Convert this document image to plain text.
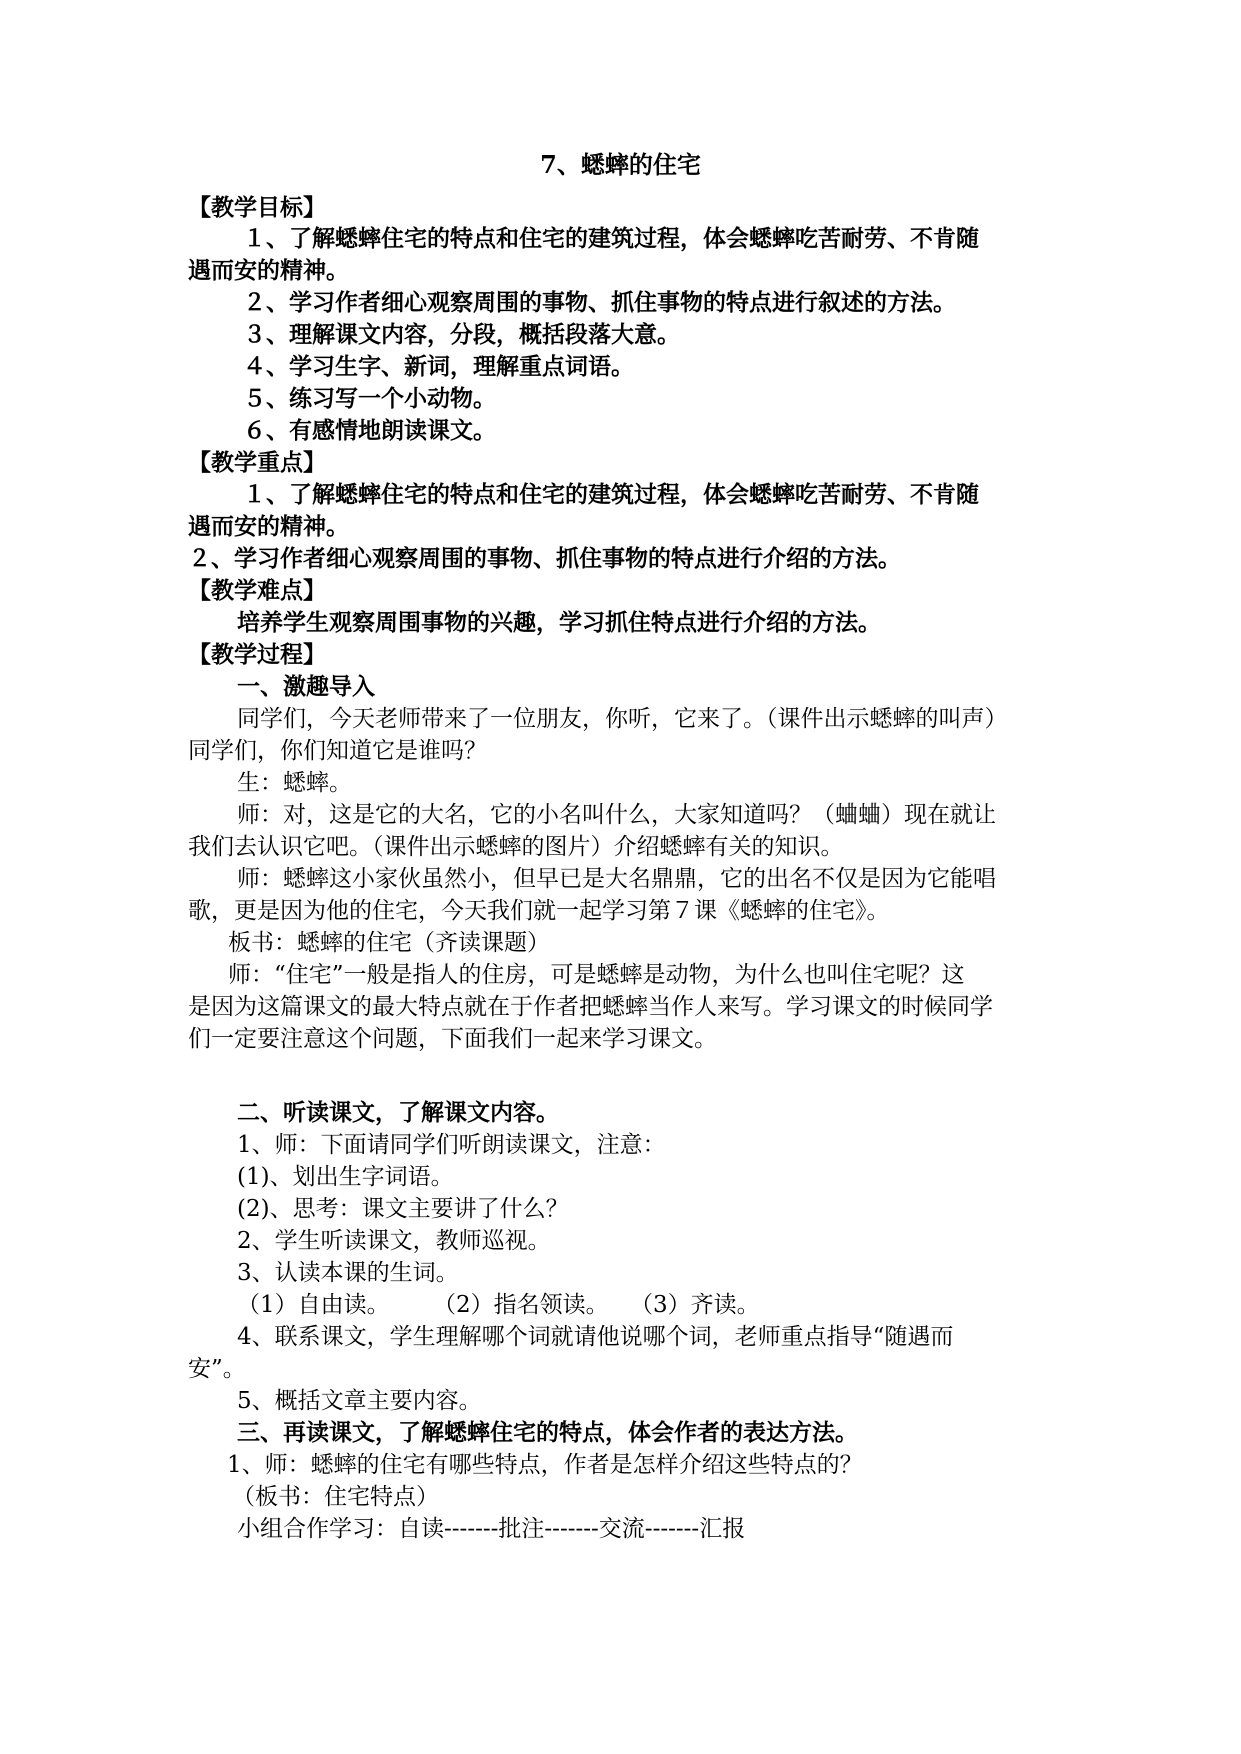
7、蟋蟀的住宅
【教学目标】
１、了解蟋蟀住宅的特点和住宅的建筑过程，体会蟋蟀吃苦耐劳、不肯随
遇而安的精神。
２、学习作者细心观察周围的事物、抓住事物的特点进行叙述的方法。
３、理解课文内容，分段，概括段落大意。
４、学习生字、新词，理解重点词语。
５、练习写一个小动物。
６、有感情地朗读课文。
【教学重点】
１、了解蟋蟀住宅的特点和住宅的建筑过程，体会蟋蟀吃苦耐劳、不肯随
遇而安的精神。
２、学习作者细心观察周围的事物、抓住事物的特点进行介绍的方法。
【教学难点】
培养学生观察周围事物的兴趣，学习抓住特点进行介绍的方法。
【教学过程】
一、激趣导入
同学们，今天老师带来了一位朋友，你听，它来了。（课件出示蟋蟀的叫声）
同学们，你们知道它是谁吗？
生：蟋蟀。
师：对，这是它的大名，它的小名叫什么，大家知道吗？（蛐蛐）现在就让
我们去认识它吧。（课件出示蟋蟀的图片）介绍蟋蟀有关的知识。
师：蟋蟀这小家伙虽然小，但早已是大名鼎鼎，它的出名不仅是因为它能唱
歌，更是因为他的住宅，今天我们就一起学习第７课《蟋蟀的住宅》。
板书：蟋蟀的住宅（齐读课题）
师：“住宅”一般是指人的住房，可是蟋蟀是动物，为什么也叫住宅呢？这
是因为这篇课文的最大特点就在于作者把蟋蟀当作人来写。学习课文的时候同学
们一定要注意这个问题，下面我们一起来学习课文。
二、听读课文，了解课文内容。
1、师：下面请同学们听朗读课文，注意：
(1)、划出生字词语。
(2)、思考：课文主要讲了什么？
2、学生听读课文，教师巡视。
3、认读本课的生词。
（1）自由读。 （2）指名领读。 （3）齐读。
4、联系课文，学生理解哪个词就请他说哪个词，老师重点指导“随遇而
安”。
5、概括文章主要内容。
三、再读课文，了解蟋蟀住宅的特点，体会作者的表达方法。
1、师：蟋蟀的住宅有哪些特点，作者是怎样介绍这些特点的？
（板书：住宅特点）
小组合作学习：自读-------批注-------交流-------汇报
